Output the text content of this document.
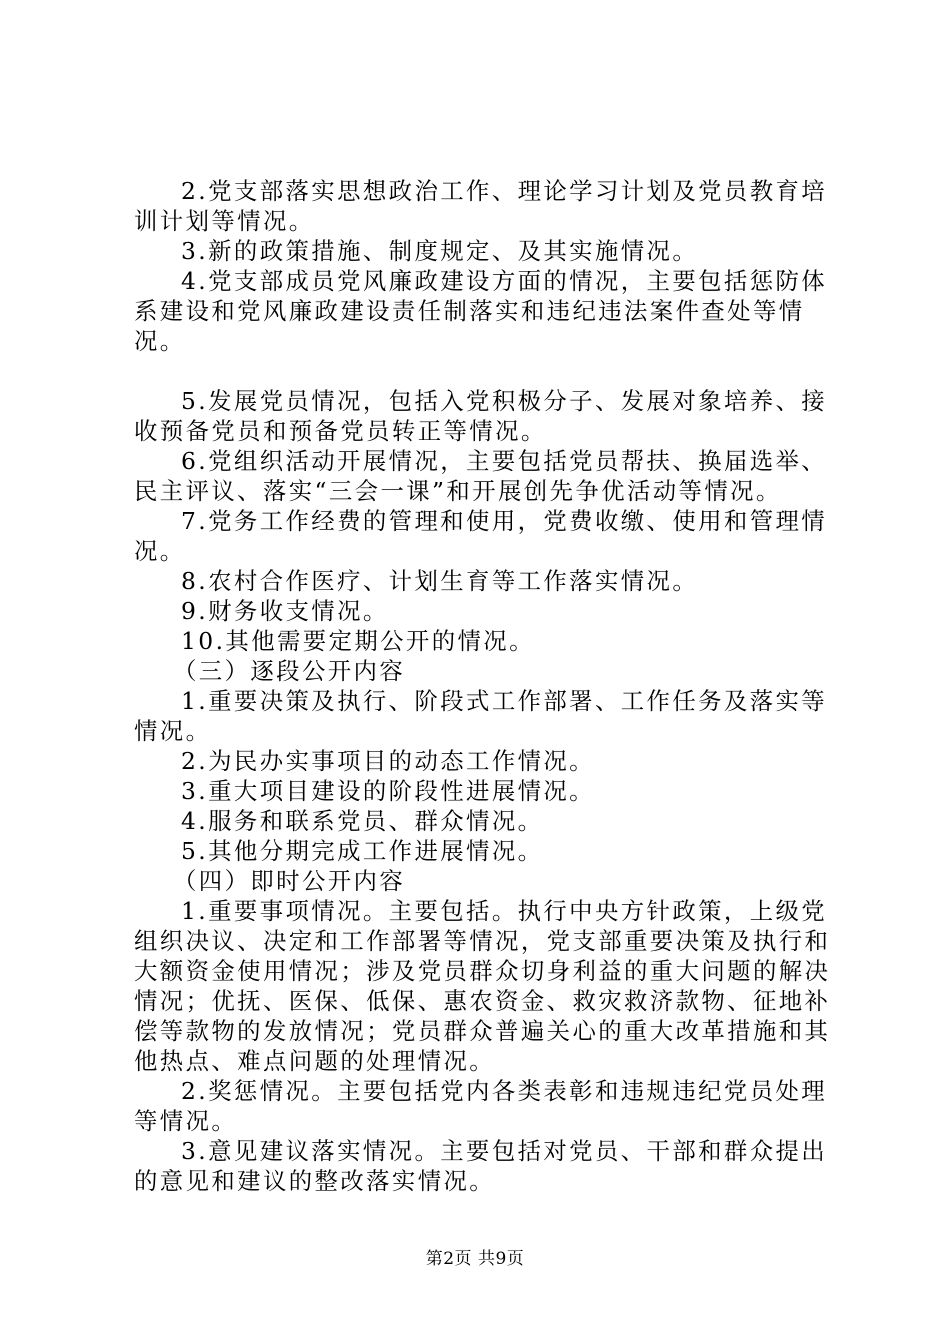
2.党支部落实思想政治工作、理论学习计划及党员教育培训计划等情况。

3.新的政策措施、制度规定、及其实施情况。

4.党支部成员党风廉政建设方面的情况，主要包括惩防体系建设和党风廉政建设责任制落实和违纪违法案件查处等情况。

5.发展党员情况，包括入党积极分子、发展对象培养、接收预备党员和预备党员转正等情况。

6.党组织活动开展情况，主要包括党员帮扶、换届选举、民主评议、落实“三会一课”和开展创先争优活动等情况。

7.党务工作经费的管理和使用，党费收缴、使用和管理情况。

8.农村合作医疗、计划生育等工作落实情况。

9.财务收支情况。

10.其他需要定期公开的情况。

（三）逐段公开内容

1.重要决策及执行、阶段式工作部署、工作任务及落实等情况。

2.为民办实事项目的动态工作情况。

3.重大项目建设的阶段性进展情况。

4.服务和联系党员、群众情况。

5.其他分期完成工作进展情况。

（四）即时公开内容

1.重要事项情况。主要包括。执行中央方针政策，上级党组织决议、决定和工作部署等情况，党支部重要决策及执行和大额资金使用情况；涉及党员群众切身利益的重大问题的解决情况；优抚、医保、低保、惠农资金、救灾救济款物、征地补偿等款物的发放情况；党员群众普遍关心的重大改革措施和其他热点、难点问题的处理情况。

2.奖惩情况。主要包括党内各类表彰和违规违纪党员处理等情况。

3.意见建议落实情况。主要包括对党员、干部和群众提出的意见和建议的整改落实情况。

第2页 共9页
